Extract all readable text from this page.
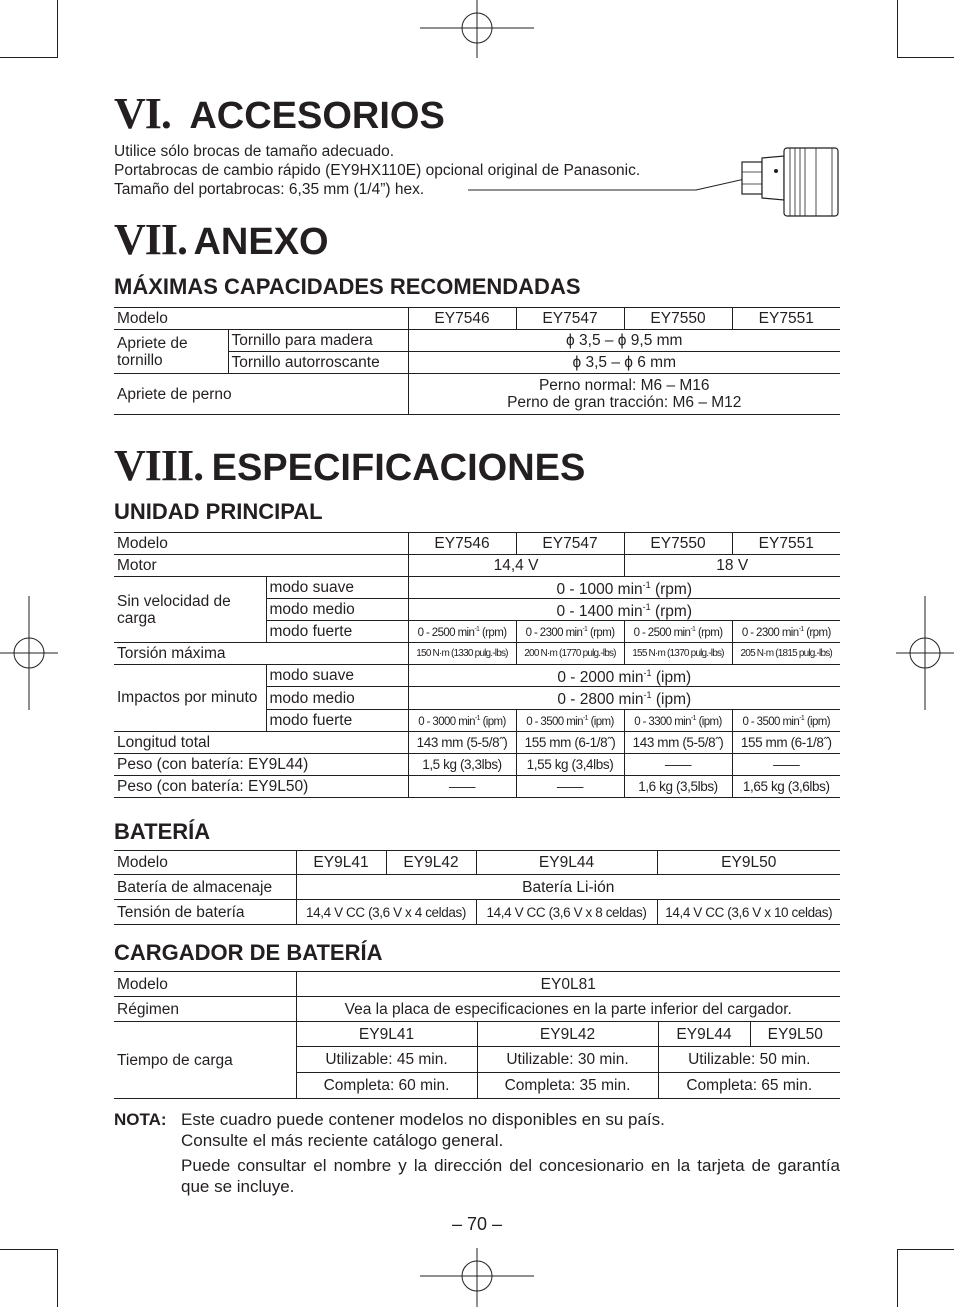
VI. ACCESORIOS
Utilice sólo brocas de tamaño adecuado.
Portabrocas de cambio rápido (EY9HX110E) opcional original de Panasonic.
Tamaño del portabrocas: 6,35 mm (1/4”) hex.
VII. ANEXO
MÁXIMAS CAPACIDADES RECOMENDADAS
Modelo		EY7546	EY7547	EY7550	EY7551
Apriete de tornillo	Tornillo para madera	ϕ 3,5 – ϕ 9,5 mm			
	Tornillo autorroscante	ϕ 3,5 – ϕ 6 mm			
Apriete de perno		Perno normal: M6 – M16
Perno de gran tracción: M6 – M12			
VIII. ESPECIFICACIONES
UNIDAD PRINCIPAL
Modelo		EY7546	EY7547	EY7550	EY7551
Motor		14,4 V		18 V	
Sin velocidad de carga	modo suave	0 - 1000 $\min^{-1} (rpm)$			
	modo medio	0 - 1400 $\min^{-1} (rpm)$			
	modo fuerte	0 - 2500 $\min^{-1} (rpm)$	0 - 2300 $\min^{-1} (rpm)$	0 - 2500 $\min^{-1} (rpm)$	0 - 2300 $\min^{-1} (rpm)$
Torsión máxima		150 N·m (1330 pulg.-lbs)	200 N·m (1770 pulg.-lbs)	155 N·m (1370 pulg.-lbs)	205 N·m (1815 pulg.-lbs)
Impactos por minuto	modo suave	0 - 2000 $\min^{-1} (ipm)$			
	modo medio	0 - 2800 $\min^{-1} (ipm)$			
	modo fuerte	0 - 3000 $\min^{-1} (ipm)$	0 - 3500 $\min^{-1} (ipm)$	0 - 3300 $\min^{-1} (ipm)$	0 - 3500 $\min^{-1} (ipm)$
Longitud total		143 mm (5-5/8˝)	155 mm (6-1/8˝)	143 mm (5-5/8˝)	155 mm (6-1/8˝)
Peso (con batería: EY9L44)		1,5 kg (3,3lbs)	1,55 kg (3,4lbs)	——	——
Peso (con batería: EY9L50)		——	——	1,6 kg (3,5lbs)	1,65 kg (3,6lbs)
BATERÍA
Modelo	EY9L41	EY9L42	EY9L44	EY9L50
Batería de almacenaje	Batería Li-ión			
Tensión de batería	14,4 V CC (3,6 V x 4 celdas)		14,4 V CC (3,6 V x 8 celdas)	14,4 V CC (3,6 V x 10 celdas)
CARGADOR DE BATERÍA
Modelo	EY0L81			
Régimen	Vea la placa de especificaciones en la parte inferior del cargador.			
Tiempo de carga	EY9L41	EY9L42	EY9L44	EY9L50
	Utilizable: 45 min.	Utilizable: 30 min.	Utilizable: 50 min.	
	Completa: 60 min.	Completa: 35 min.	Completa: 65 min.	
NOTA: Este cuadro puede contener modelos no disponibles en su país.
Consulte el más reciente catálogo general.
Puede consultar el nombre y la dirección del concesionario en la tarjeta de garantía que se incluye.
– 70 –
